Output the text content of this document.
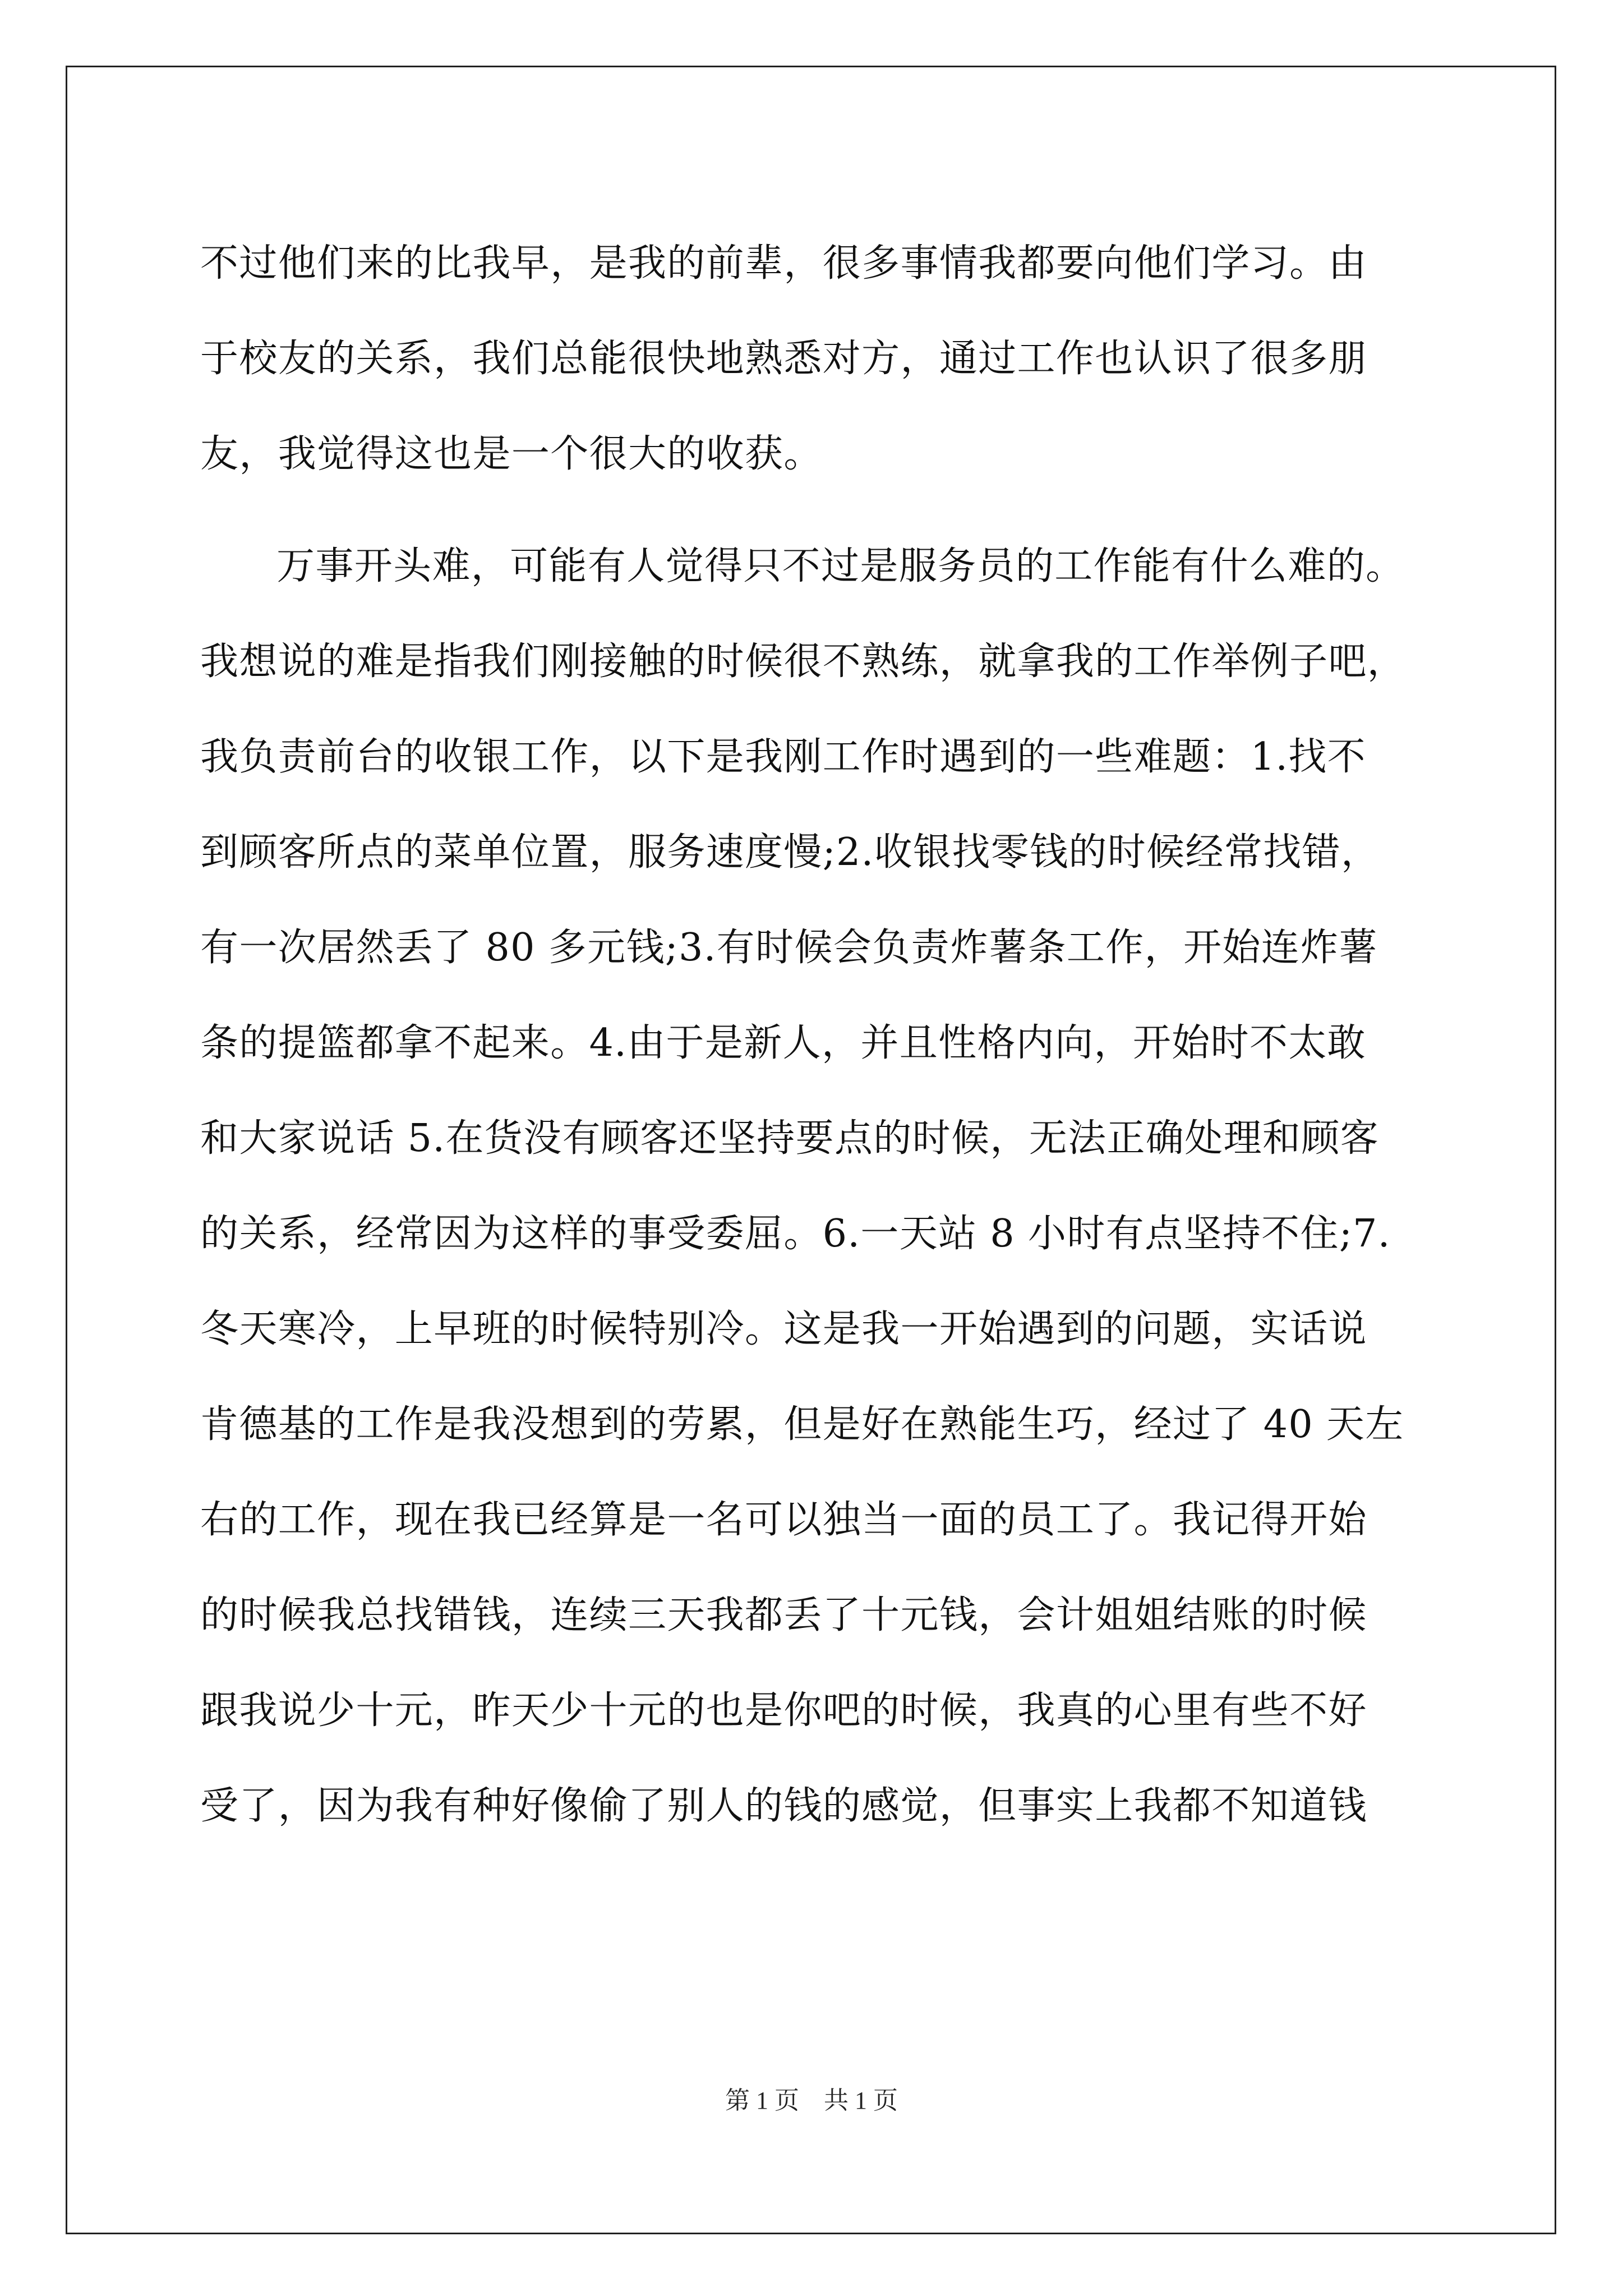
不过他们来的比我早，是我的前辈，很多事情我都要向他们学习。由
于校友的关系，我们总能很快地熟悉对方，通过工作也认识了很多朋
友，我觉得这也是一个很大的收获。
万事开头难，可能有人觉得只不过是服务员的工作能有什么难的。
我想说的难是指我们刚接触的时候很不熟练，就拿我的工作举例子吧，
我负责前台的收银工作，以下是我刚工作时遇到的一些难题：1.找不
到顾客所点的菜单位置，服务速度慢;2.收银找零钱的时候经常找错，
有一次居然丢了 80 多元钱;3.有时候会负责炸薯条工作，开始连炸薯
条的提篮都拿不起来。4.由于是新人，并且性格内向，开始时不太敢
和大家说话 5.在货没有顾客还坚持要点的时候，无法正确处理和顾客
的关系，经常因为这样的事受委屈。6.一天站 8 小时有点坚持不住;7.
冬天寒冷，上早班的时候特别冷。这是我一开始遇到的问题，实话说
肯德基的工作是我没想到的劳累，但是好在熟能生巧，经过了 40 天左
右的工作，现在我已经算是一名可以独当一面的员工了。我记得开始
的时候我总找错钱，连续三天我都丢了十元钱，会计姐姐结账的时候
跟我说少十元，昨天少十元的也是你吧的时候，我真的心里有些不好
受了，因为我有种好像偷了别人的钱的感觉，但事实上我都不知道钱
第 1 页　共 1 页
